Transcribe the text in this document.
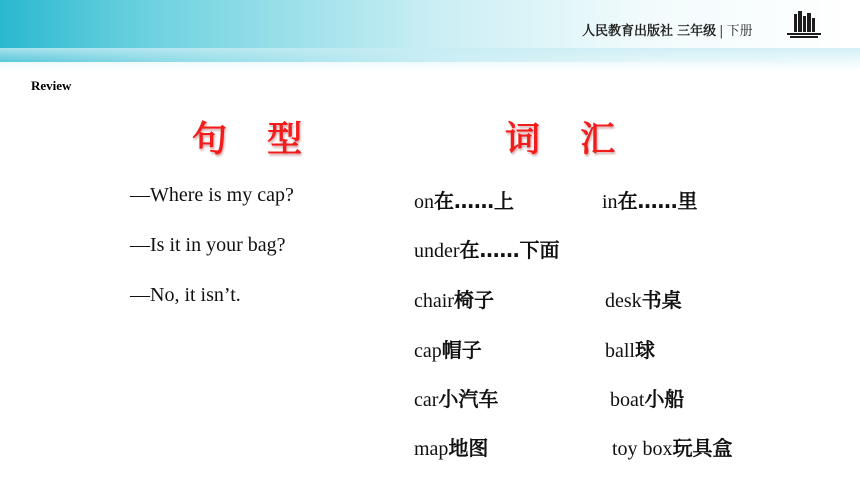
人民教育出版社 三年级 | 下册
Review
句 型	词 汇
—Where is my cap?
—Is it in your bag?
—No, it isn’t.
on在……上	in在……里
under在……下面
chair椅子	desk书桌
cap帽子	ball球
car小汽车	boat小船
map地图	toy box玩具盒
